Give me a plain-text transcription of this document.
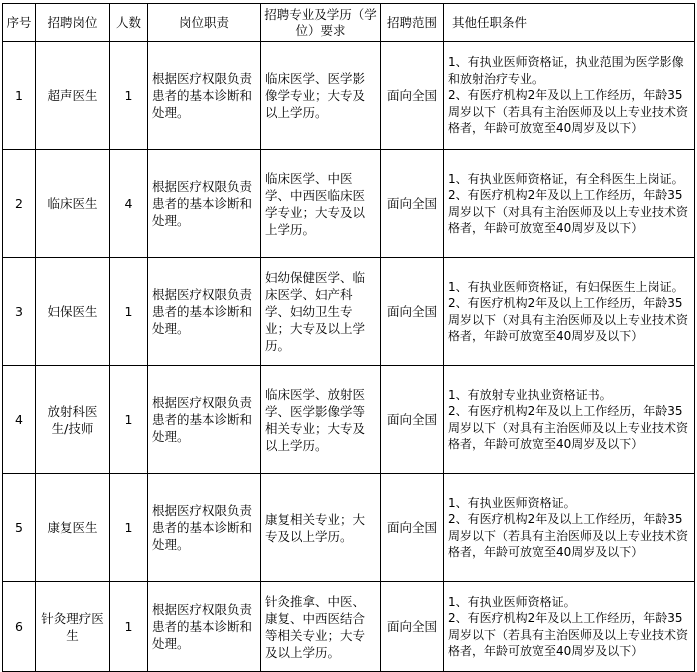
序号	招聘岗位	人数	岗位职责	招聘专业及学历（学位）要求	招聘范围	其他任职条件
1	超声医生	1	根据医疗权限负责患者的基本诊断和处理。	临床医学、医学影像学专业；大专及以上学历。	面向全国	1、有执业医师资格证，执业范围为医学影像和放射治疗专业。
2、有医疗机构2年及以上工作经历，年龄35周岁以下（若具有主治医师及以上专业技术资格者，年龄可放宽至40周岁及以下）

2	临床医生	4	根据医疗权限负责患者的基本诊断和处理。	临床医学、中医学、中西医临床医学专业；大专及以上学历。	面向全国	1、有执业医师资格证，有全科医生上岗证。
2、有医疗机构2年及以上工作经历，年龄35周岁以下（对具有主治医师及以上专业技术资格者，年龄可放宽至40周岁及以下）

3	妇保医生	1	根据医疗权限负责患者的基本诊断和处理。	妇幼保健医学、临床医学、妇产科学、妇幼卫生专业；大专及以上学历。	面向全国	1、有执业医师资格证，有妇保医生上岗证。
2、有医疗机构2年及以上工作经历，年龄35周岁以下（对具有主治医师及以上专业技术资格者，年龄可放宽至40周岁及以下）

4	放射科医生/技师	1	根据医疗权限负责患者的基本诊断和处理。	临床医学、放射医学、医学影像学等相关专业；大专及以上学历。	面向全国	1、有放射专业执业资格证书。
2、有医疗机构2年及以上工作经历，年龄35周岁以下（对具有主治医师及以上专业技术资格者，年龄可放宽至40周岁及以下）

5	康复医生	1	根据医疗权限负责患者的基本诊断和处理。	康复相关专业；大专及以上学历。	面向全国	1、有执业医师资格证。
2、有医疗机构2年及以上工作经历，年龄35周岁以下（若具有主治医师及以上专业技术资格者，年龄可放宽至40周岁及以下）

6	针灸理疗医生	1	根据医疗权限负责患者的基本诊断和处理。	针灸推拿、中医、康复、中西医结合等相关专业；大专及以上学历。	面向全国	1、有执业医师资格证。
2、有医疗机构2年及以上工作经历，年龄35周岁以下（若具有主治医师及以上专业技术资格者，年龄可放宽至40周岁及以下）
